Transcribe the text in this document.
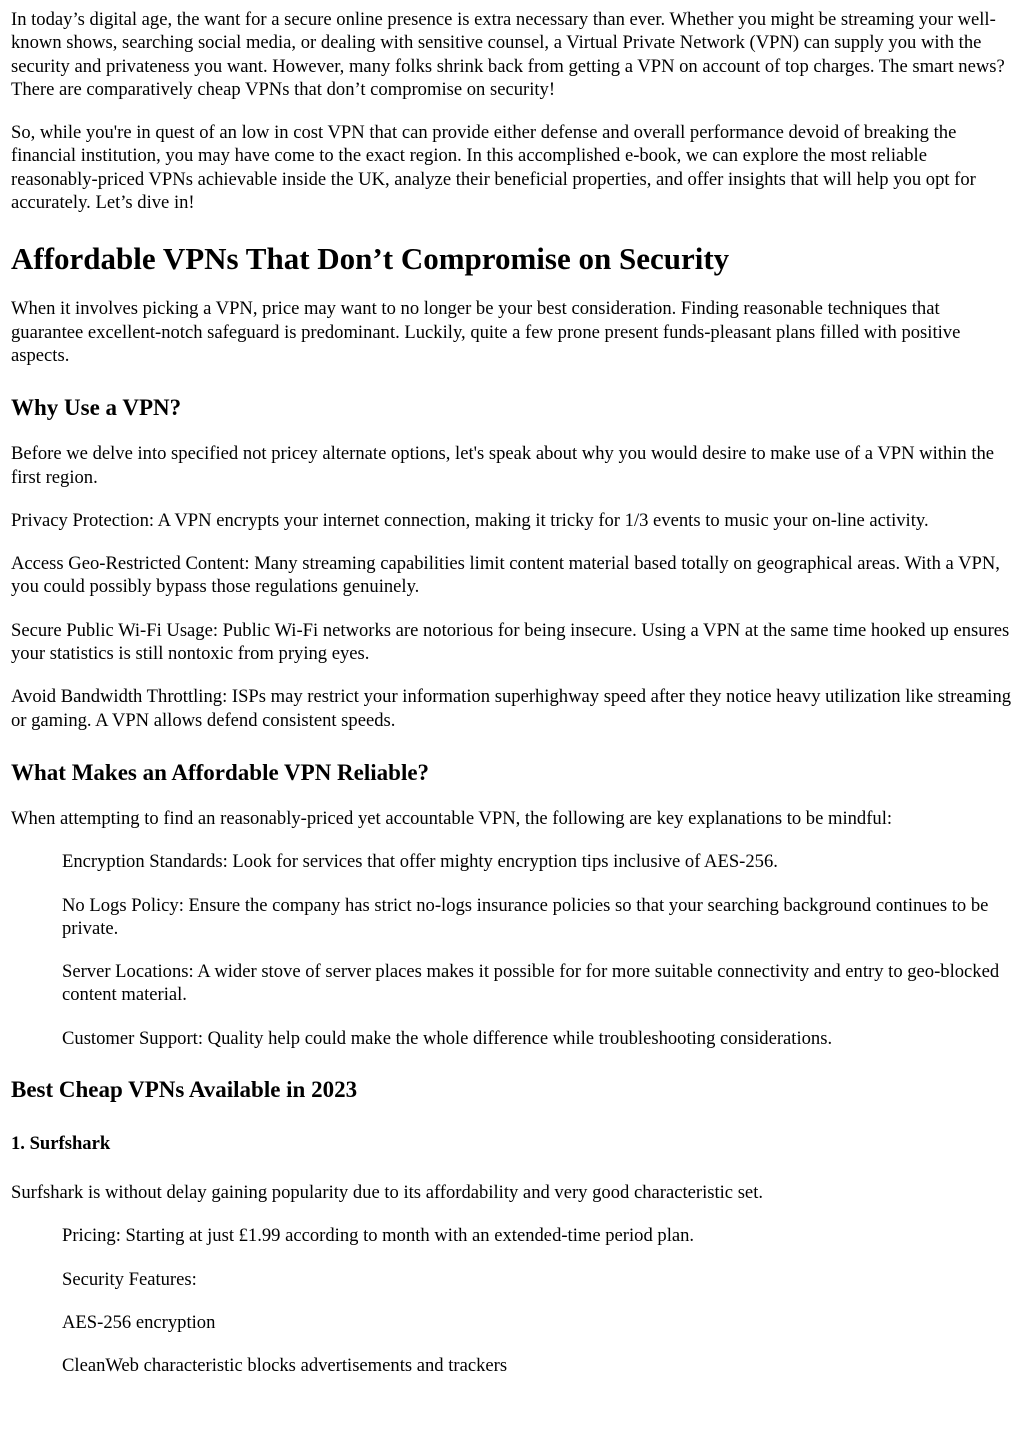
In today’s digital age, the want for a secure online presence is extra necessary than ever. Whether you might be streaming your well-known shows, searching social media, or dealing with sensitive counsel, a Virtual Private Network (VPN) can supply you with the security and privateness you want. However, many folks shrink back from getting a VPN on account of top charges. The smart news? There are comparatively cheap VPNs that don’t compromise on security!

So, while you're in quest of an low in cost VPN that can provide either defense and overall performance devoid of breaking the financial institution, you may have come to the exact region. In this accomplished e-book, we can explore the most reliable reasonably-priced VPNs achievable inside the UK, analyze their beneficial properties, and offer insights that will help you opt for accurately. Let’s dive in!

Affordable VPNs That Don’t Compromise on Security

When it involves picking a VPN, price may want to no longer be your best consideration. Finding reasonable techniques that guarantee excellent-notch safeguard is predominant. Luckily, quite a few prone present funds-pleasant plans filled with positive aspects.

Why Use a VPN?

Before we delve into specified not pricey alternate options, let's speak about why you would desire to make use of a VPN within the first region.

Privacy Protection: A VPN encrypts your internet connection, making it tricky for 1/3 events to music your on-line activity.

Access Geo-Restricted Content: Many streaming capabilities limit content material based totally on geographical areas. With a VPN, you could possibly bypass those regulations genuinely.

Secure Public Wi-Fi Usage: Public Wi-Fi networks are notorious for being insecure. Using a VPN at the same time hooked up ensures your statistics is still nontoxic from prying eyes.

Avoid Bandwidth Throttling: ISPs may restrict your information superhighway speed after they notice heavy utilization like streaming or gaming. A VPN allows defend consistent speeds.

What Makes an Affordable VPN Reliable?

When attempting to find an reasonably-priced yet accountable VPN, the following are key explanations to be mindful:

Encryption Standards: Look for services that offer mighty encryption tips inclusive of AES-256.

No Logs Policy: Ensure the company has strict no-logs insurance policies so that your searching background continues to be private.

Server Locations: A wider stove of server places makes it possible for for more suitable connectivity and entry to geo-blocked content material.

Customer Support: Quality help could make the whole difference while troubleshooting considerations.

Best Cheap VPNs Available in 2023
1. Surfshark

Surfshark is without delay gaining popularity due to its affordability and very good characteristic set.

Pricing: Starting at just £1.99 according to month with an extended-time period plan.

Security Features:

AES-256 encryption

CleanWeb characteristic blocks advertisements and trackers
